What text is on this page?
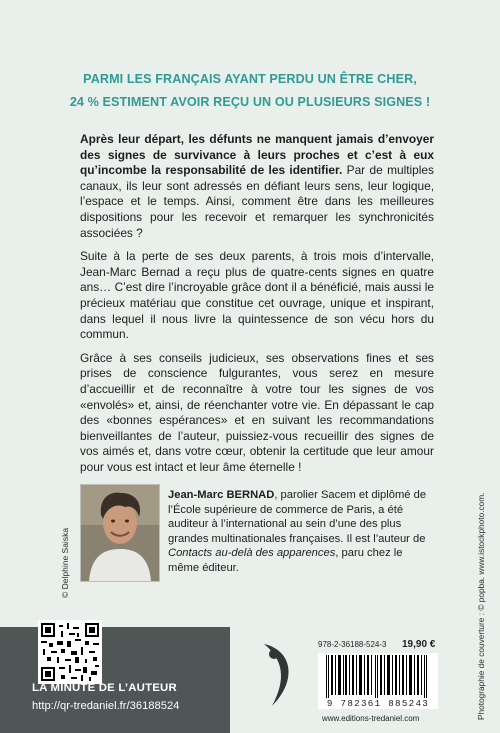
PARMI LES FRANÇAIS AYANT PERDU UN ÊTRE CHER,
24 % ESTIMENT AVOIR REÇU UN OU PLUSIEURS SIGNES !

Après leur départ, les défunts ne manquent jamais d’envoyer des signes de survivance à leurs proches et c’est à eux qu’incombe la responsabilité de les identifier. Par de multiples canaux, ils leur sont adressés en défiant leurs sens, leur logique, l’espace et le temps. Ainsi, comment être dans les meilleures dispositions pour les recevoir et remarquer les synchronicités associées ?

Suite à la perte de ses deux parents, à trois mois d’intervalle, Jean-Marc Bernad a reçu plus de quatre-cents signes en quatre ans… C’est dire l’incroyable grâce dont il a bénéficié, mais aussi le précieux matériau que constitue cet ouvrage, unique et inspirant, dans lequel il nous livre la quintessence de son vécu hors du commun.

Grâce à ses conseils judicieux, ses observations fines et ses prises de conscience fulgurantes, vous serez en mesure d’accueillir et de reconnaître à votre tour les signes de vos «envolés» et, ainsi, de réenchanter votre vie. En dépassant le cap des «bonnes espérances» et en suivant les recommandations bienveillantes de l’auteur, puissiez-vous recueillir des signes de vos aimés et, dans votre cœur, obtenir la certitude que leur amour pour vous est intact et leur âme éternelle !

© Delphine Saiska
Jean-Marc BERNAD, parolier Sacem et diplômé de l’École supérieure de commerce de Paris, a été auditeur à l’international au sein d’une des plus grandes multinationales françaises. Il est l’auteur de Contacts au-delà des apparences, paru chez le même éditeur.	Photographie de couverture : © popba. www.istockphoto.com.
LA MINUTE DE L’AUTEUR
http://qr-tredaniel.fr/36188524
978-2-36188-524-3 19,90 €
9 782361 885243
www.editions-tredaniel.com
